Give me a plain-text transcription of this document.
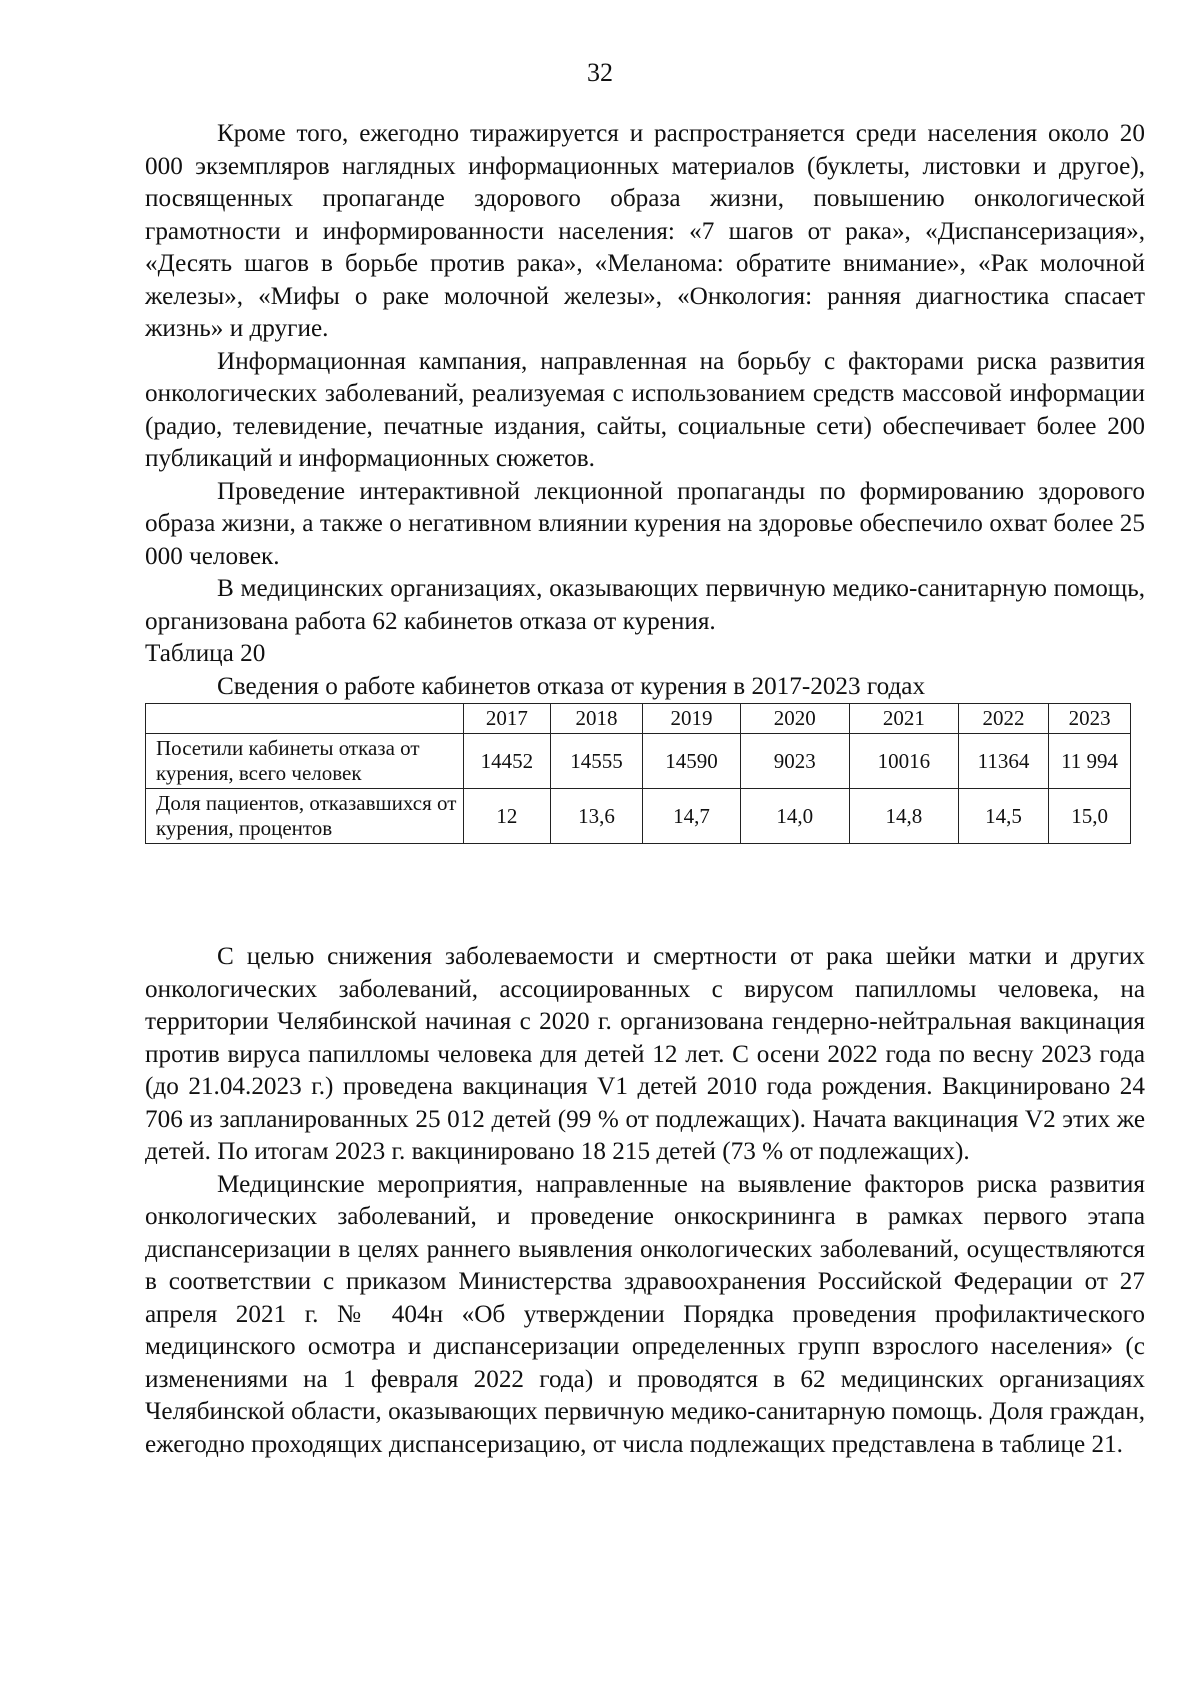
32

Кроме того, ежегодно тиражируется и распространяется среди населения около 20 000 экземпляров наглядных информационных материалов (буклеты, листовки и другое), посвященных пропаганде здорового образа жизни, повышению онкологической грамотности и информированности населения: «7 шагов от рака», «Диспансеризация», «Десять шагов в борьбе против рака», «Меланома: обратите внимание», «Рак молочной железы», «Мифы о раке молочной железы», «Онкология: ранняя диагностика спасает жизнь» и другие.

Информационная кампания, направленная на борьбу с факторами риска развития онкологических заболеваний, реализуемая с использованием средств массовой информации (радио, телевидение, печатные издания, сайты, социальные сети) обеспечивает более 200 публикаций и информационных сюжетов.

Проведение интерактивной лекционной пропаганды по формированию здорового образа жизни, а также о негативном влиянии курения на здоровье обеспечило охват более 25 000 человек.

В медицинских организациях, оказывающих первичную медико-санитарную помощь, организована работа 62 кабинетов отказа от курения.

Таблица 20

Сведения о работе кабинетов отказа от курения в 2017-2023 годах

	2017	2018	2019	2020	2021	2022	2023
Посетили кабинеты отказа от курения, всего человек	14452	14555	14590	9023	10016	11364	11 994
Доля пациентов, отказавшихся от курения, процентов	12	13,6	14,7	14,0	14,8	14,5	15,0

С целью снижения заболеваемости и смертности от рака шейки матки и других онкологических заболеваний, ассоциированных с вирусом папилломы человека, на территории Челябинской начиная с 2020 г. организована гендерно-нейтральная вакцинация против вируса папилломы человека для детей 12 лет. С осени 2022 года по весну 2023 года (до 21.04.2023 г.) проведена вакцинация V1 детей 2010 года рождения. Вакцинировано 24 706 из запланированных 25 012 детей (99 % от подлежащих). Начата вакцинация V2 этих же детей. По итогам 2023 г. вакцинировано 18 215 детей (73 % от подлежащих).

Медицинские мероприятия, направленные на выявление факторов риска развития онкологических заболеваний, и проведение онкоскрининга в рамках первого этапа диспансеризации в целях раннего выявления онкологических заболеваний, осуществляются в соответствии с приказом Министерства здравоохранения Российской Федерации от 27 апреля 2021 г. № 404н «Об утверждении Порядка проведения профилактического медицинского осмотра и диспансеризации определенных групп взрослого населения» (с изменениями на 1 февраля 2022 года) и проводятся в 62 медицинских организациях Челябинской области, оказывающих первичную медико-санитарную помощь. Доля граждан, ежегодно проходящих диспансеризацию, от числа подлежащих представлена в таблице 21.
